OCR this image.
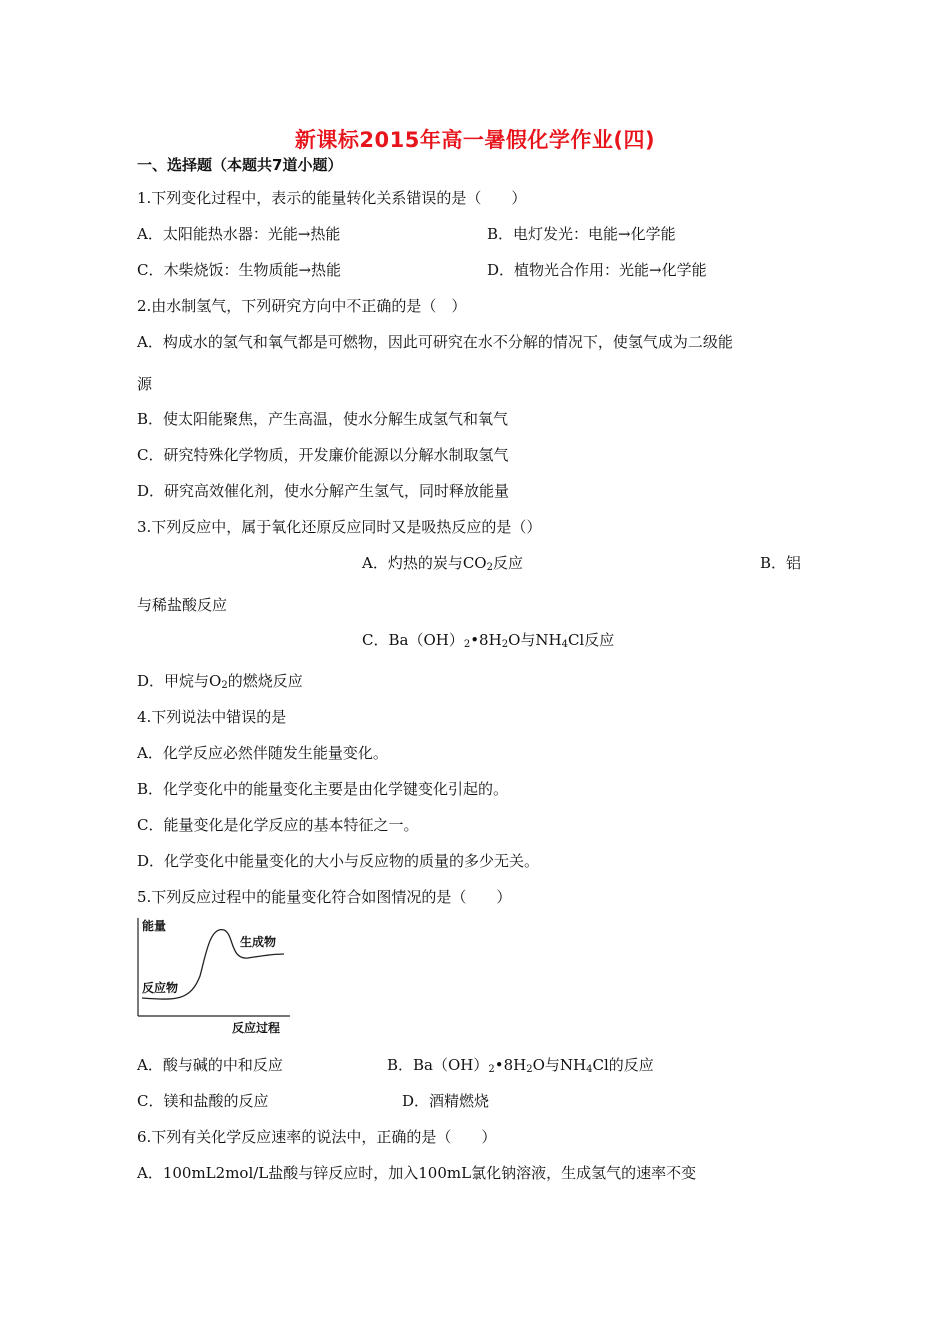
新课标2015年高一暑假化学作业(四)
一、选择题（本题共7道小题）
1.下列变化过程中，表示的能量转化关系错误的是（　　）
A．太阳能热水器：光能→热能	B．电灯发光：电能→化学能
C．木柴烧饭：生物质能→热能	D．植物光合作用：光能→化学能
2.由水制氢气，下列研究方向中不正确的是（　）
A．构成水的氢气和氧气都是可燃物，因此可研究在水不分解的情况下，使氢气成为二级能
源
B．使太阳能聚焦，产生高温，使水分解生成氢气和氧气
C．研究特殊化学物质，开发廉价能源以分解水制取氢气
D．研究高效催化剂，使水分解产生氢气，同时释放能量
3.下列反应中，属于氧化还原反应同时又是吸热反应的是（）
A．灼热的炭与$CO_2$反应	B．铝
与稀盐酸反应
C．$Ba(OH)_2•8H_2O$与$NH_4Cl$反应
D．甲烷与$O_2$的燃烧反应
4.下列说法中错误的是
A．化学反应必然伴随发生能量变化。
B．化学变化中的能量变化主要是由化学键变化引起的。
C．能量变化是化学反应的基本特征之一。
D．化学变化中能量变化的大小与反应物的质量的多少无关。
5.下列反应过程中的能量变化符合如图情况的是（　　）
能量
反应过程
反应物
生成物
A．酸与碱的中和反应	B．$Ba(OH)_2•8H_2O$与$NH_4Cl$的反应
C．镁和盐酸的反应	D．酒精燃烧
6.下列有关化学反应速率的说法中，正确的是（　　）
A．100mL2mol/L盐酸与锌反应时，加入100mL氯化钠溶液，生成氢气的速率不变
